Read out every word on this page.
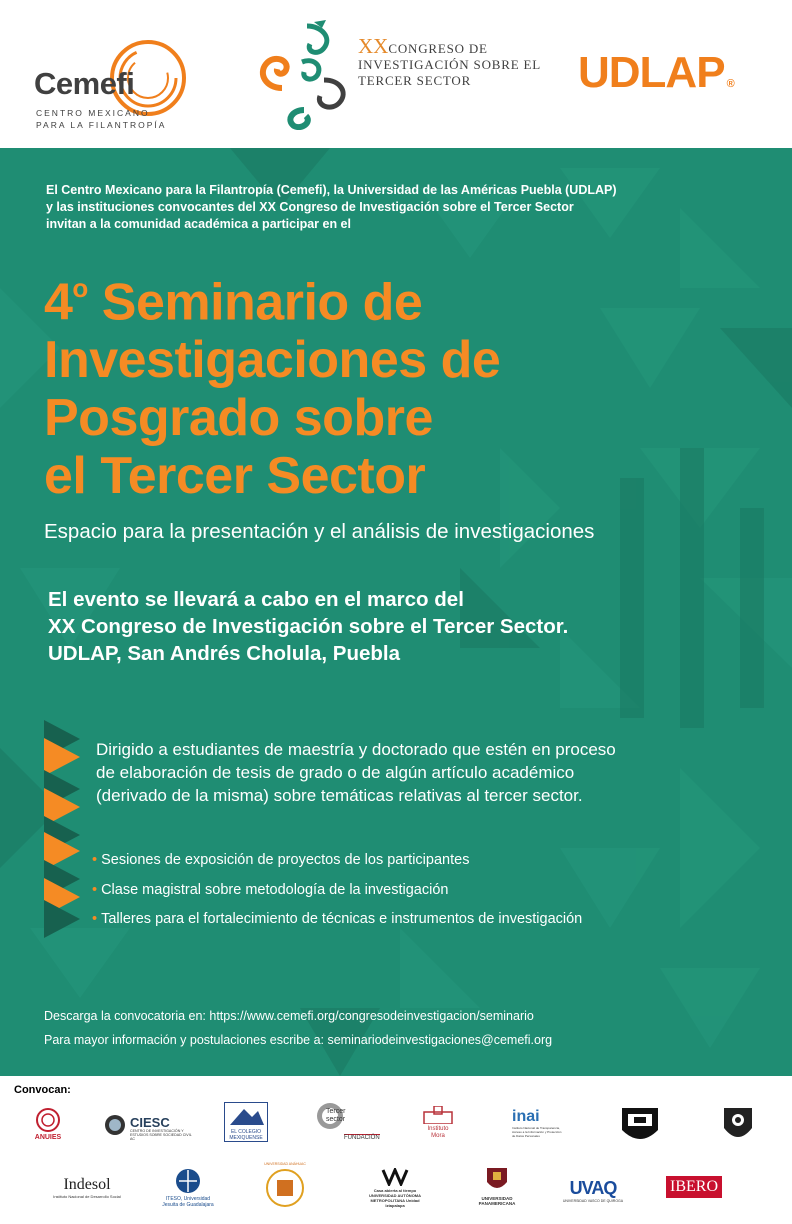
Cemefi
CENTRO MEXICANO
PARA LA FILANTROPÍA
XXCONGRESO DE
INVESTIGACIÓN SOBRE EL
TERCER SECTOR	UDLAP ®
El Centro Mexicano para la Filantropía (Cemefi), la Universidad de las Américas Puebla (UDLAP)
y las instituciones convocantes del XX Congreso de Investigación sobre el Tercer Sector
invitan a la comunidad académica a participar en el
4$^o$ Seminario de
Investigaciones de
Posgrado sobre
el Tercer Sector
Espacio para la presentación y el análisis de investigaciones
El evento se llevará a cabo en el marco del
XX Congreso de Investigación sobre el Tercer Sector.
UDLAP, San Andrés Cholula, Puebla
Dirigido a estudiantes de maestría y doctorado que estén en proceso
de elaboración de tesis de grado o de algún artículo académico
(derivado de la misma) sobre temáticas relativas al tercer sector.
• Sesiones de exposición de proyectos de los participantes
• Clase magistral sobre metodología de la investigación
• Talleres para el fortalecimiento de técnicas e instrumentos de investigación
Descarga la convocatoria en: https://www.cemefi.org/congresodeinvestigacion/seminario
Para mayor información y postulaciones escribe a: seminariodeinvestigaciones@cemefi.org
Convocan:
ANUIES
CIESC
CENTRO DE INVESTIGACIÓN Y ESTUDIOS SOBRE SOCIEDAD CIVIL AC
EL COLEGIO MEXIQUENSE
Tercer sector
FUNDACIÓN
Instituto Mora
inai
Instituto Nacional de Transparencia, Acceso a la Información y Protección de Datos Personales
Indesol
Instituto Nacional de Desarrollo Social	ITESO, Universidad Jesuita de Guadalajara
UNIVERSIDAD ANÁHUAC
Casa abierta al tiempo UNIVERSIDAD AUTÓNOMA METROPOLITANA Unidad Iztapalapa
UNIVERSIDAD PANAMERICANA
UVAQ
UNIVERSIDAD VASCO DE QUIROGA
IBERO
